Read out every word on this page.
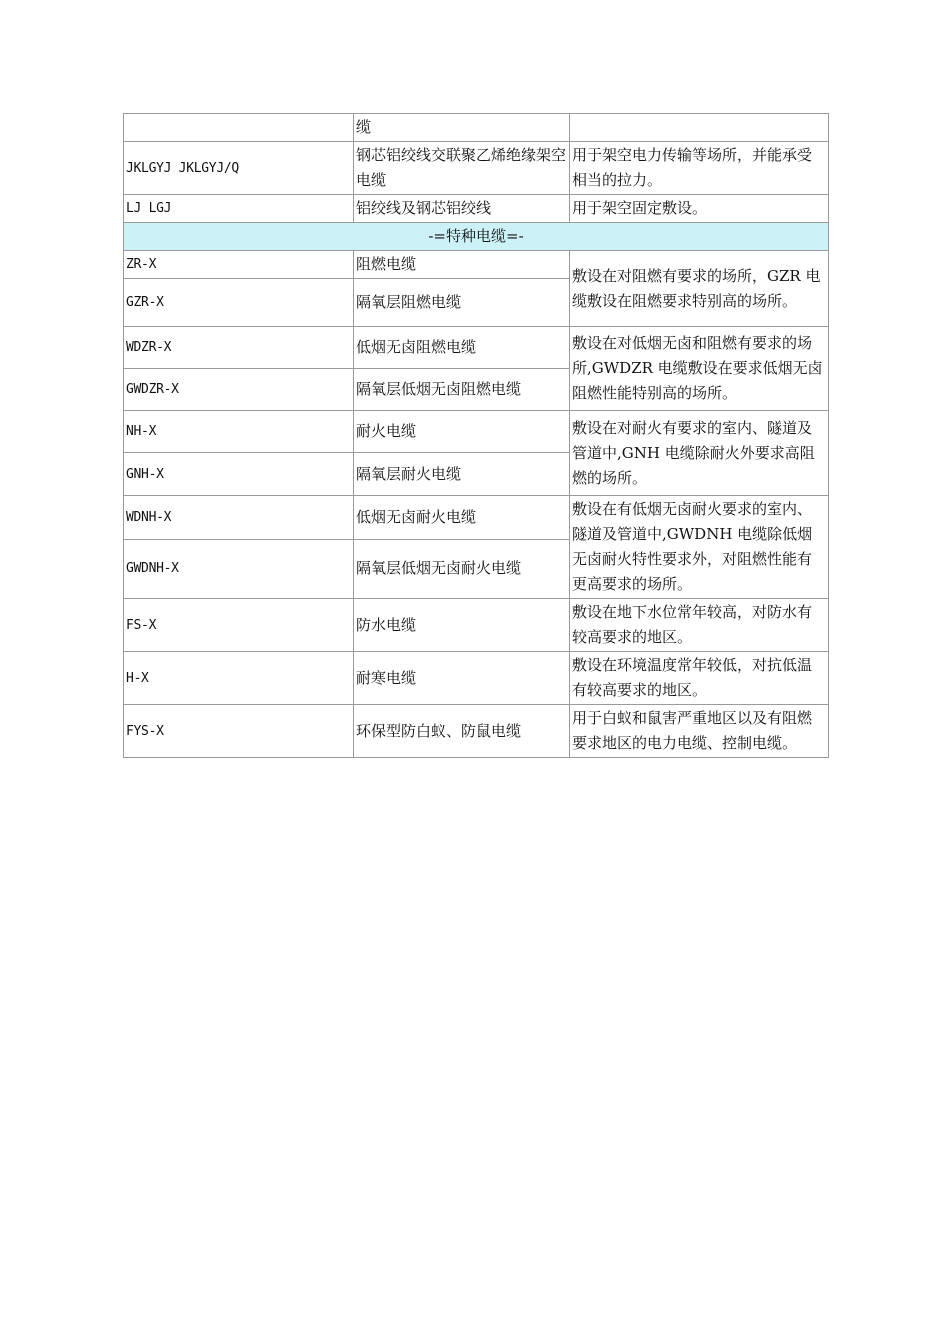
	缆	
JKLGYJ JKLGYJ/Q	钢芯铝绞线交联聚乙烯绝缘架空电缆	用于架空电力传输等场所，并能承受相当的拉力。
LJ LGJ	铝绞线及钢芯铝绞线	用于架空固定敷设。
-=特种电缆=-		
ZR-X	阻燃电缆	敷设在对阻燃有要求的场所，GZR 电缆敷设在阻燃要求特别高的场所。
GZR-X	隔氧层阻燃电缆	
WDZR-X	低烟无卤阻燃电缆	敷设在对低烟无卤和阻燃有要求的场所,GWDZR 电缆敷设在要求低烟无卤阻燃性能特别高的场所。
GWDZR-X	隔氧层低烟无卤阻燃电缆	
NH-X	耐火电缆	敷设在对耐火有要求的室内、隧道及管道中,GNH 电缆除耐火外要求高阻燃的场所。
GNH-X	隔氧层耐火电缆	
WDNH-X	低烟无卤耐火电缆	敷设在有低烟无卤耐火要求的室内、隧道及管道中,GWDNH 电缆除低烟无卤耐火特性要求外，对阻燃性能有更高要求的场所。
GWDNH-X	隔氧层低烟无卤耐火电缆	
FS-X	防水电缆	敷设在地下水位常年较高，对防水有较高要求的地区。
H-X	耐寒电缆	敷设在环境温度常年较低，对抗低温有较高要求的地区。
FYS-X	环保型防白蚁、防鼠电缆	用于白蚁和鼠害严重地区以及有阻燃要求地区的电力电缆、控制电缆。
